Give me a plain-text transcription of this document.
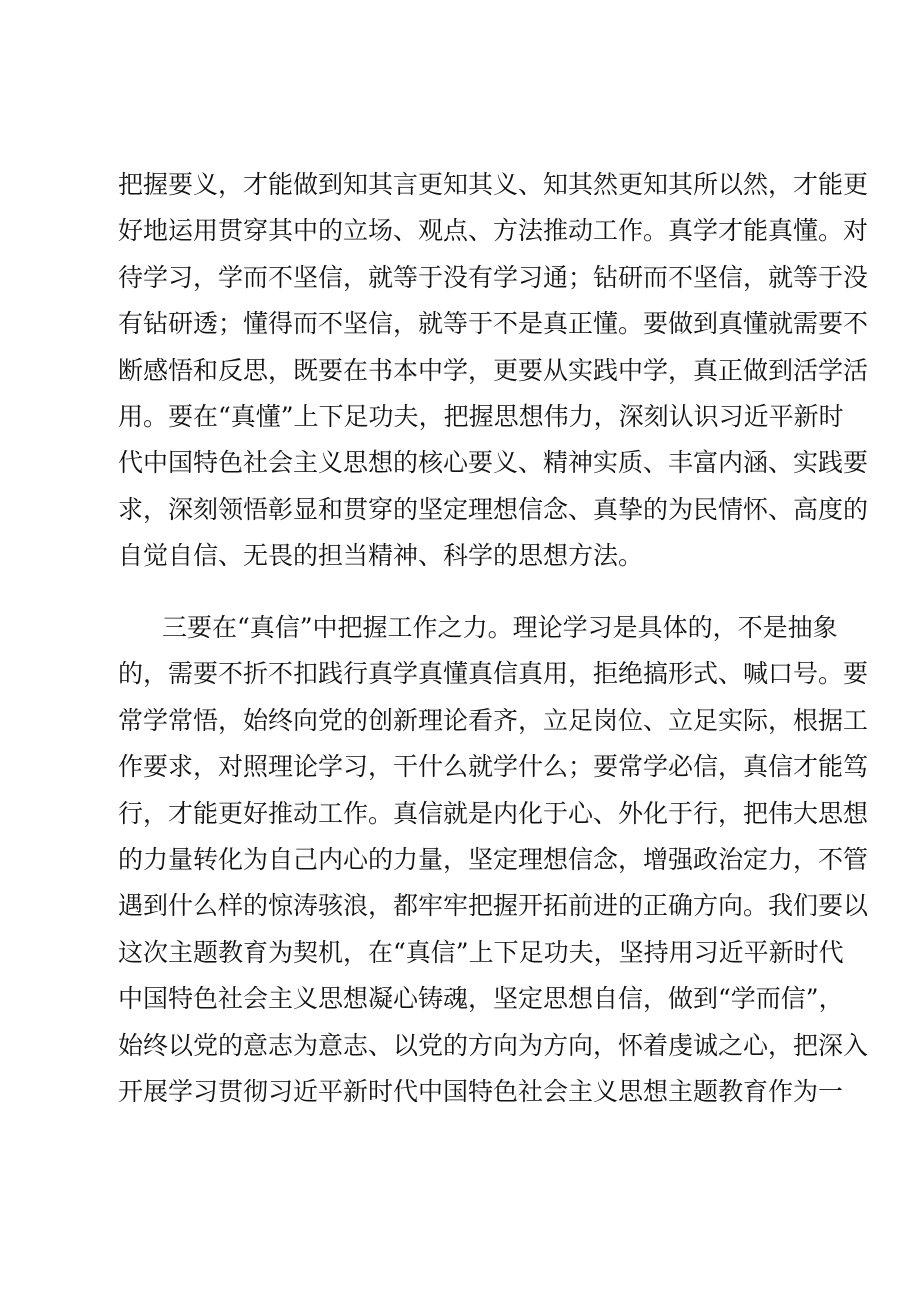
把握要义，才能做到知其言更知其义、知其然更知其所以然，才能更
好地运用贯穿其中的立场、观点、方法推动工作。真学才能真懂。对
待学习，学而不坚信，就等于没有学习通；钻研而不坚信，就等于没
有钻研透；懂得而不坚信，就等于不是真正懂。要做到真懂就需要不
断感悟和反思，既要在书本中学，更要从实践中学，真正做到活学活
用。要在“真懂”上下足功夫，把握思想伟力，深刻认识习近平新时
代中国特色社会主义思想的核心要义、精神实质、丰富内涵、实践要
求，深刻领悟彰显和贯穿的坚定理想信念、真挚的为民情怀、高度的
自觉自信、无畏的担当精神、科学的思想方法。
三要在“真信”中把握工作之力。理论学习是具体的，不是抽象
的，需要不折不扣践行真学真懂真信真用，拒绝搞形式、喊口号。要
常学常悟，始终向党的创新理论看齐，立足岗位、立足实际，根据工
作要求，对照理论学习，干什么就学什么；要常学必信，真信才能笃
行，才能更好推动工作。真信就是内化于心、外化于行，把伟大思想
的力量转化为自己内心的力量，坚定理想信念，增强政治定力，不管
遇到什么样的惊涛骇浪，都牢牢把握开拓前进的正确方向。我们要以
这次主题教育为契机，在“真信”上下足功夫，坚持用习近平新时代
中国特色社会主义思想凝心铸魂，坚定思想自信，做到“学而信”，
始终以党的意志为意志、以党的方向为方向，怀着虔诚之心，把深入
开展学习贯彻习近平新时代中国特色社会主义思想主题教育作为一
